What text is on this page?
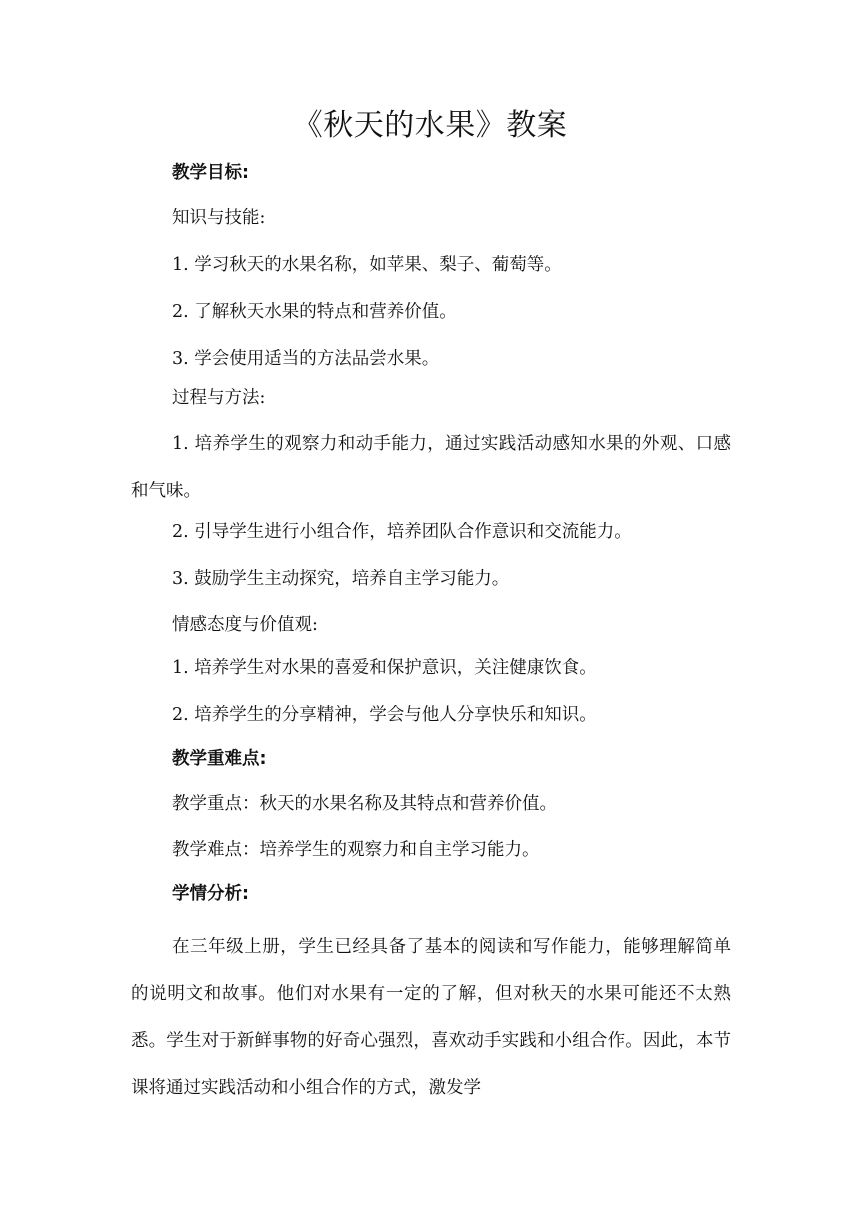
《秋天的水果》教案
教学目标:
知识与技能:
1. 学习秋天的水果名称，如苹果、梨子、葡萄等。
2. 了解秋天水果的特点和营养价值。
3. 学会使用适当的方法品尝水果。
过程与方法:

1. 培养学生的观察力和动手能力，通过实践活动感知水果的外观、口感和气味。

2. 引导学生进行小组合作，培养团队合作意识和交流能力。
3. 鼓励学生主动探究，培养自主学习能力。
情感态度与价值观:
1. 培养学生对水果的喜爱和保护意识，关注健康饮食。
2. 培养学生的分享精神，学会与他人分享快乐和知识。
教学重难点:
教学重点：秋天的水果名称及其特点和营养价值。
教学难点：培养学生的观察力和自主学习能力。
学情分析:

在三年级上册，学生已经具备了基本的阅读和写作能力，能够理解简单的说明文和故事。他们对水果有一定的了解，但对秋天的水果可能还不太熟悉。学生对于新鲜事物的好奇心强烈，喜欢动手实践和小组合作。因此，本节课将通过实践活动和小组合作的方式，激发学
